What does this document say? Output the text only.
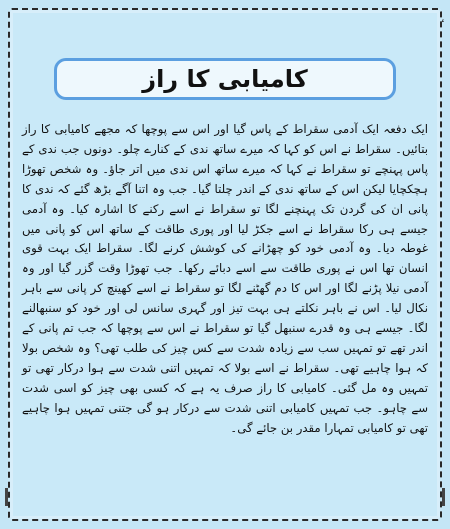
کامیابی کا راز

ایک دفعہ ایک آدمی سقراط کے پاس گیا اور اس سے پوچھا کہ مجھے کامیابی کا راز بتائیں۔ سقراط نے اس کو کہا کہ میرے ساتھ ندی کے کنارے چلو۔ دونوں جب ندی کے پاس پہنچے تو سقراط نے کہا کہ میرے ساتھ اس ندی میں اتر جاؤ۔ وہ شخص تھوڑا ہچکچایا لیکن اس کے ساتھ ندی کے اندر چلتا گیا۔ جب وہ اتنا آگے بڑھ گئے کہ ندی کا پانی ان کی گردن تک پہنچنے لگا تو سقراط نے اسے رکنے کا اشارہ کیا۔ وہ آدمی جیسے ہی رکا سقراط نے اسے جکڑ لیا اور پوری طاقت کے ساتھ اس کو پانی میں غوطہ دیا۔ وہ آدمی خود کو چھڑانے کی کوشش کرنے لگا۔ سقراط ایک بہت قوی انسان تھا اس نے پوری طاقت سے اسے دبائے رکھا۔ جب تھوڑا وقت گزر گیا اور وہ آدمی نیلا پڑنے لگا اور اس کا دم گھٹنے لگا تو سقراط نے اسے کھینچ کر پانی سے باہر نکال لیا۔ اس نے باہر نکلتے ہی بہت تیز اور گہری سانس لی اور خود کو سنبھالنے لگا۔ جیسے ہی وہ قدرے سنبھل گیا تو سقراط نے اس سے پوچھا کہ جب تم پانی کے اندر تھے تو تمہیں سب سے زیادہ شدت سے کس چیز کی طلب تھی؟ وہ شخص بولا کہ ہوا چاہیے تھی۔ سقراط نے اسے بولا کہ تمہیں اتنی شدت سے ہوا درکار تھی تو تمہیں وہ مل گئی۔ کامیابی کا راز صرف یہ ہے کہ کسی بھی چیز کو اسی شدت سے چاہو۔ جب تمہیں کامیابی اتنی شدت سے درکار ہو گی جتنی تمہیں ہوا چاہیے تھی تو کامیابی تمہارا مقدر بن جائے گی۔
